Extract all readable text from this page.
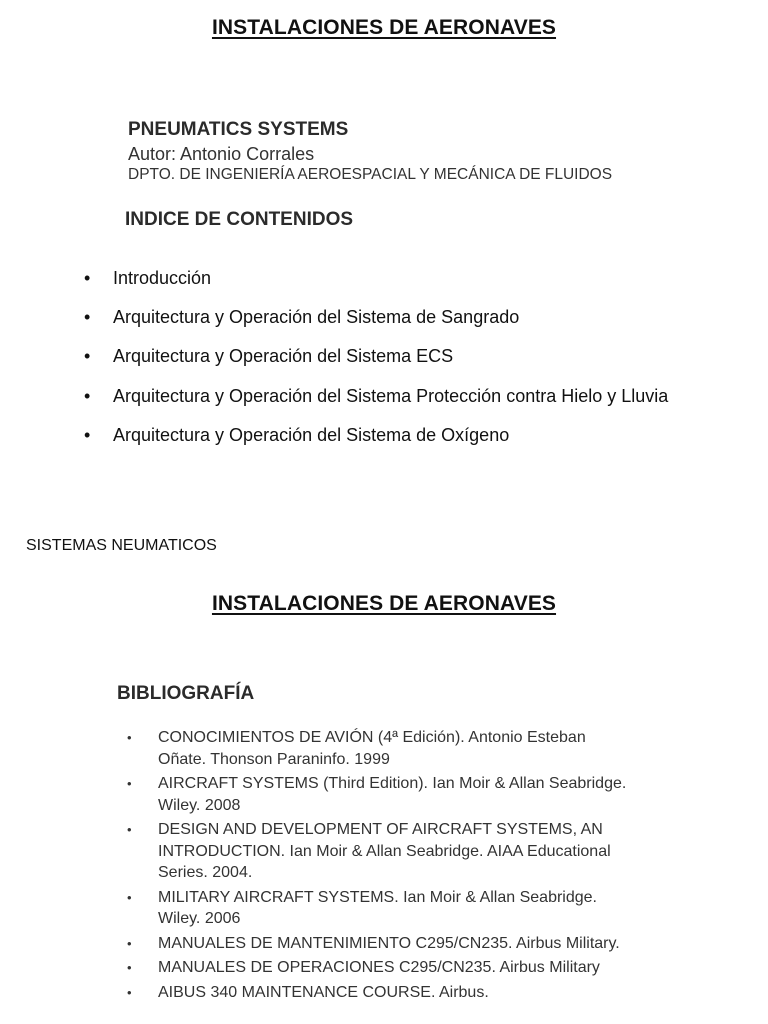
INSTALACIONES DE AERONAVES
PNEUMATICS SYSTEMS
Autor: Antonio Corrales
DPTO. DE INGENIERÍA AEROESPACIAL Y MECÁNICA DE FLUIDOS
INDICE DE CONTENIDOS
•	Introducción
•	Arquitectura y Operación del Sistema de Sangrado
•	Arquitectura y Operación del Sistema ECS
•	Arquitectura y Operación del Sistema Protección contra Hielo y Lluvia
•	Arquitectura y Operación del Sistema de Oxígeno
SISTEMAS NEUMATICOS
INSTALACIONES DE AERONAVES
BIBLIOGRAFÍA
• CONOCIMIENTOS DE AVIÓN (4ª Edición). Antonio Esteban Oñate. Thonson Paraninfo. 1999
• AIRCRAFT SYSTEMS (Third Edition). Ian Moir & Allan Seabridge. Wiley. 2008
• DESIGN AND DEVELOPMENT OF AIRCRAFT SYSTEMS, AN INTRODUCTION. Ian Moir & Allan Seabridge. AIAA Educational Series. 2004.
• MILITARY AIRCRAFT SYSTEMS. Ian Moir & Allan Seabridge. Wiley. 2006
• MANUALES DE MANTENIMIENTO C295/CN235. Airbus Military.
• MANUALES DE OPERACIONES C295/CN235. Airbus Military
• AIBUS 340 MAINTENANCE COURSE. Airbus.
